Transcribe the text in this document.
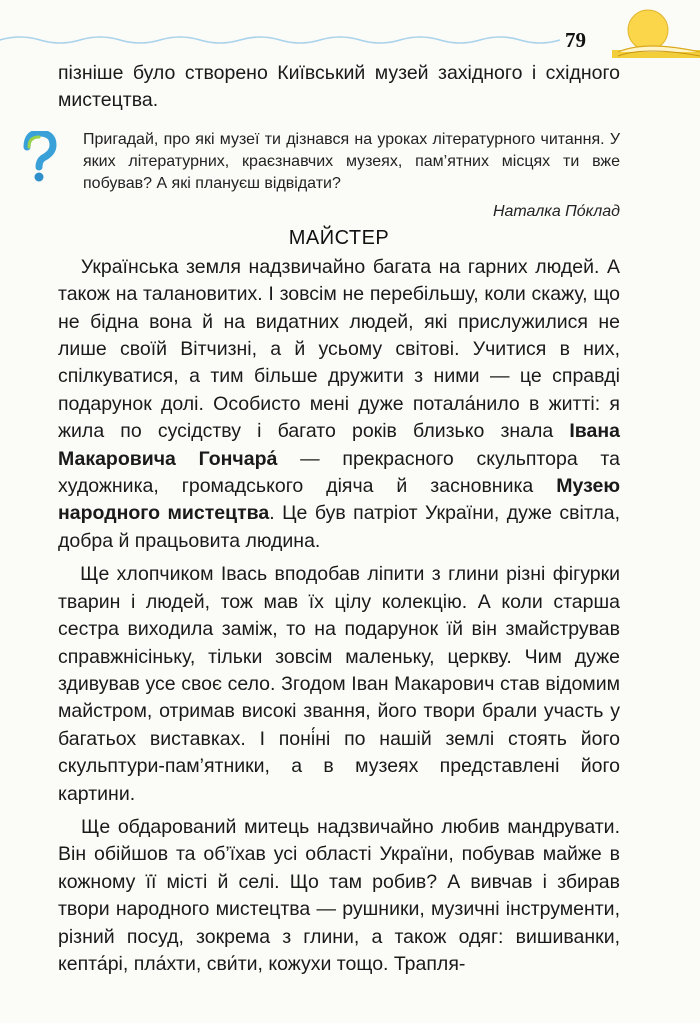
79

пізніше було створено Київський музей західного і східного мистецтва.

Пригадай, про які музеї ти дізнався на уроках літературного читання. У яких літературних, краєзнавчих музеях, пам’ятних місцях ти вже побував? А які плануєш відвідати?
Наталка По́клад
МАЙСТЕР

Українська земля надзвичайно багата на гарних людей. А також на талановитих. І зовсім не перебільшу, коли скажу, що не бідна вона й на видатних людей, які прислужилися не лише своїй Вітчизні, а й усьому світові. Учитися в них, спілкуватися, а тим більше дружити з ними — це справді подарунок долі. Особисто мені дуже потала́нило в житті: я жила по сусідству і багато років близько знала Івана Макаровича Гончара́ — прекрасного скульптора та художника, громадського діяча й засновника Музею народного мистецтва. Це був патріот України, дуже світла, добра й працьовита людина.

Ще хлопчиком Івась вподобав ліпити з глини різні фігурки тварин і людей, тож мав їх цілу колекцію. А коли старша сестра виходила заміж, то на подарунок їй він змайстрував справжнісіньку, тільки зовсім маленьку, церкву. Чим дуже здивував усе своє село. Згодом Іван Макарович став відомим майстром, отримав високі звання, його твори брали участь у багатьох виставках. І поні́ні по нашій землі стоять його скульптури-пам’ятники, а в музеях представлені його картини.

Ще обдарований митець надзвичайно любив мандрувати. Він обійшов та об’їхав усі області України, побував майже в кожному її місті й селі. Що там робив? А вивчав і збирав твори народного мистецтва — рушники, музичні інструменти, різний посуд, зокрема з глини, а також одяг: вишиванки, кепта́рі, пла́хти, сви́ти, кожухи тощо. Трапля-
